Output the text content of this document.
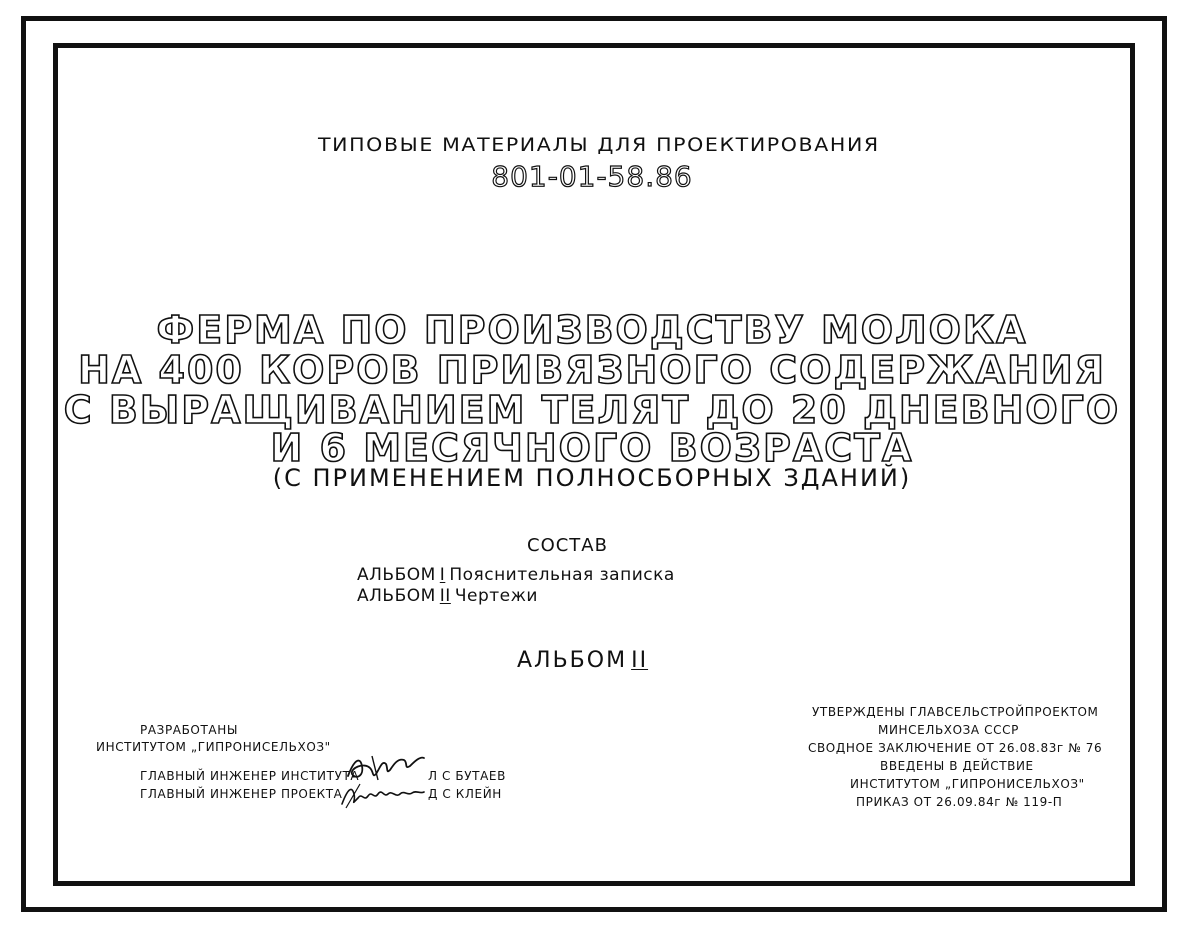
ТИПОВЫЕ МАТЕРИАЛЫ ДЛЯ ПРОЕКТИРОВАНИЯ
801-01-58.86
ФЕРМА ПО ПРОИЗВОДСТВУ МОЛОКА
НА 400 КОРОВ ПРИВЯЗНОГО СОДЕРЖАНИЯ
С ВЫРАЩИВАНИЕМ ТЕЛЯТ ДО 20 ДНЕВНОГО
И 6 МЕСЯЧНОГО ВОЗРАСТА
(С ПРИМЕНЕНИЕМ ПОЛНОСБОРНЫХ ЗДАНИЙ)
СОСТАВ
АЛЬБОМ I Пояснительная записка
АЛЬБОМ II Чертежи
АЛЬБОМ II
РАЗРАБОТАНЫ
ИНСТИТУТОМ „ГИПРОНИСЕЛЬХОЗ"
ГЛАВНЫЙ ИНЖЕНЕР ИНСТИТУТА	Л С БУТАЕВ
ГЛАВНЫЙ ИНЖЕНЕР ПРОЕКТА	Д С КЛЕЙН
УТВЕРЖДЕНЫ ГЛАВСЕЛЬСТРОЙПРОЕКТОМ
МИНСЕЛЬХОЗА СССР
СВОДНОЕ ЗАКЛЮЧЕНИЕ ОТ 26.08.83г № 76
ВВЕДЕНЫ В ДЕЙСТВИЕ
ИНСТИТУТОМ „ГИПРОНИСЕЛЬХОЗ"
ПРИКАЗ ОТ 26.09.84г № 119-П
